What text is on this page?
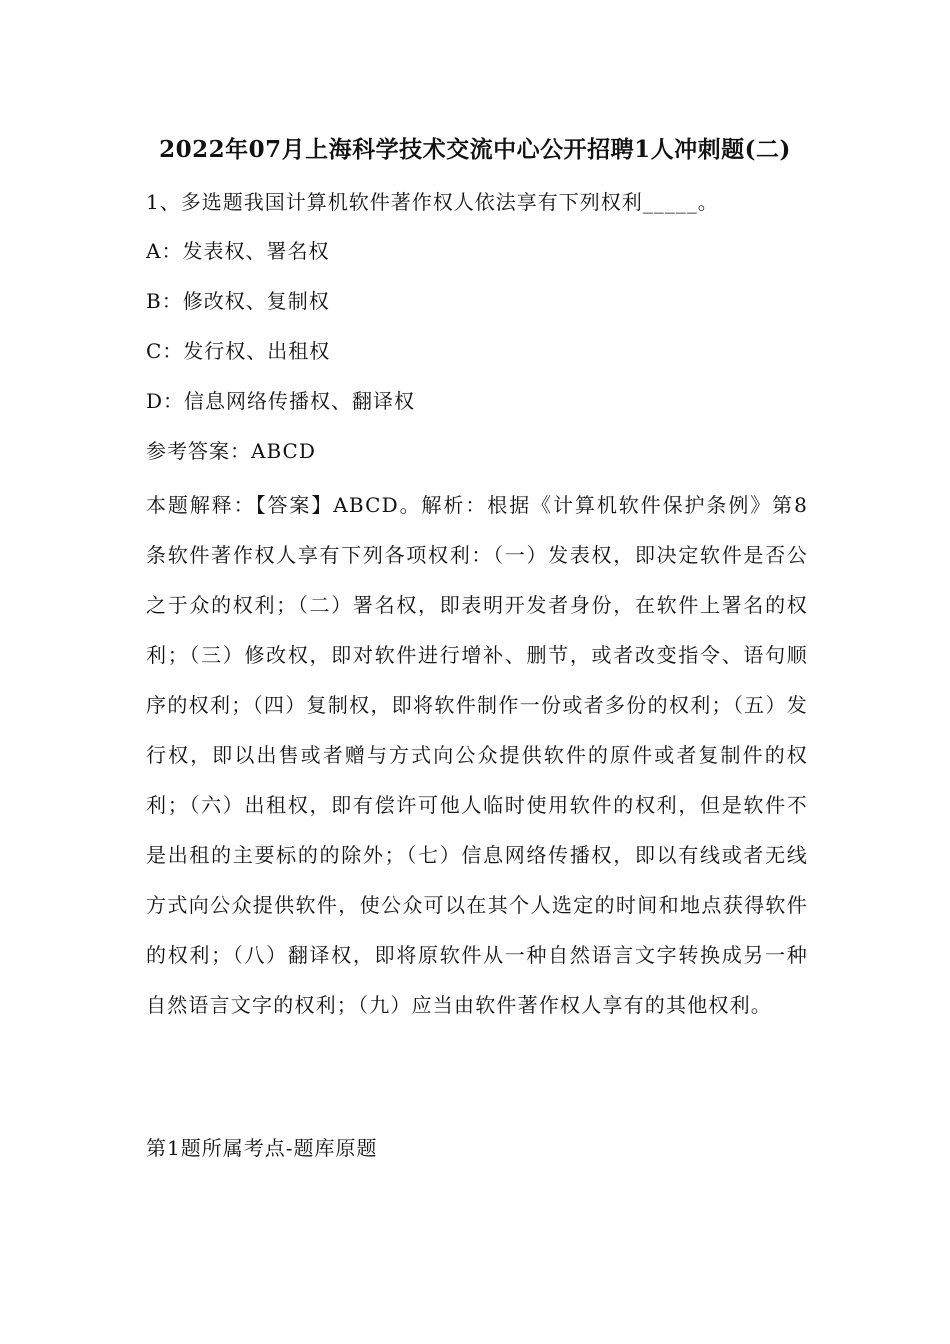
2022年07月上海科学技术交流中心公开招聘1人冲刺题(二)
1、多选题我国计算机软件著作权人依法享有下列权利_____。
A：发表权、署名权
B：修改权、复制权
C：发行权、出租权
D：信息网络传播权、翻译权
参考答案：ABCD
本题解释：【答案】ABCD。解析：根据《计算机软件保护条例》第8条软件著作权人享有下列各项权利：（一）发表权，即决定软件是否公之于众的权利；（二）署名权，即表明开发者身份，在软件上署名的权利；（三）修改权，即对软件进行增补、删节，或者改变指令、语句顺序的权利；（四）复制权，即将软件制作一份或者多份的权利；（五）发行权，即以出售或者赠与方式向公众提供软件的原件或者复制件的权利；（六）出租权，即有偿许可他人临时使用软件的权利，但是软件不是出租的主要标的的除外；（七）信息网络传播权，即以有线或者无线方式向公众提供软件，使公众可以在其个人选定的时间和地点获得软件的权利；（八）翻译权，即将原软件从一种自然语言文字转换成另一种自然语言文字的权利；（九）应当由软件著作权人享有的其他权利。
第1题所属考点-题库原题
